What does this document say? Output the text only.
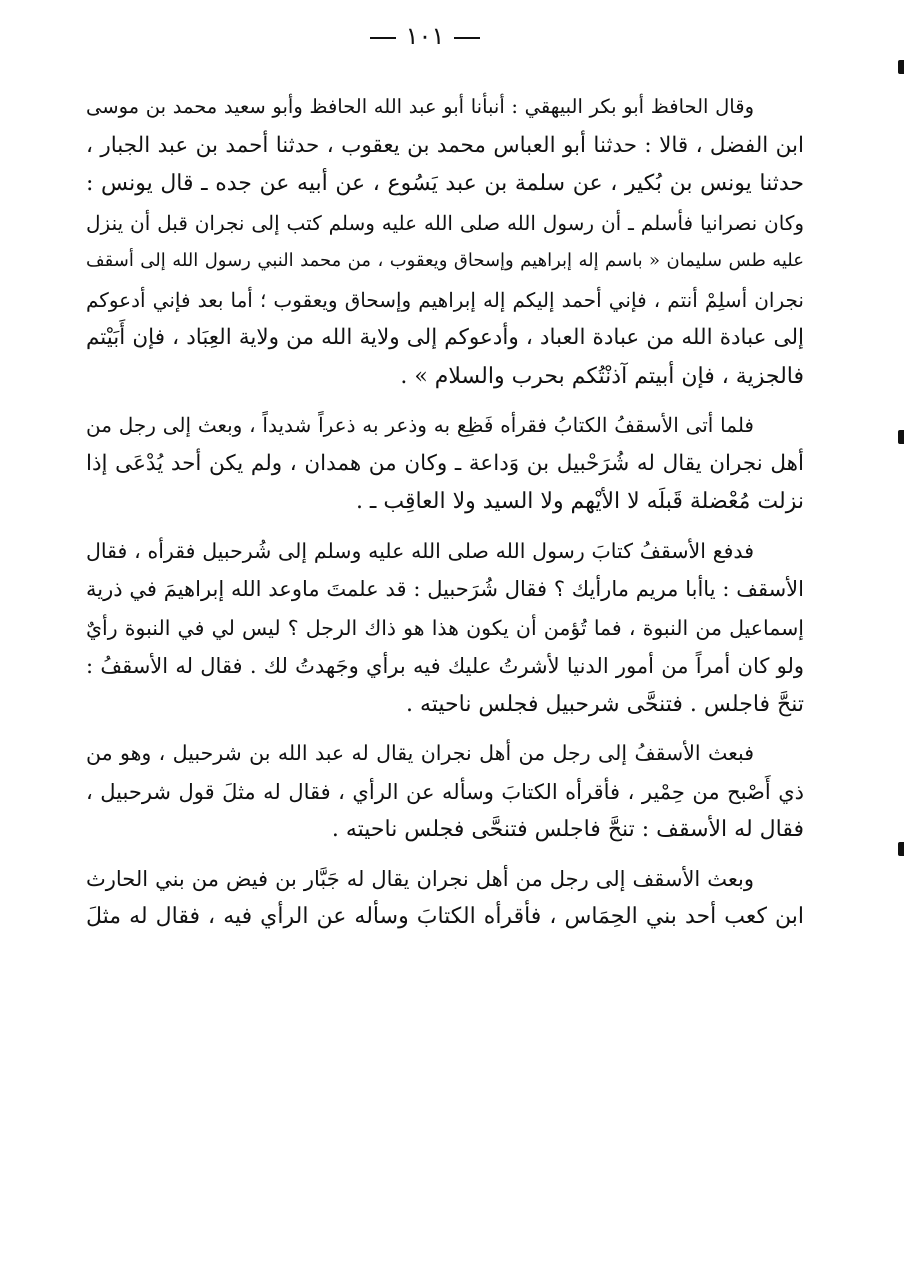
١٠١
وقال الحافظ أبو بكر البيهقي : أنبأنا أبو عبد الله الحافظ وأبو سعيد محمد بن موسى
ابن الفضل ، قالا : حدثنا أبو العباس محمد بن يعقوب ، حدثنا أحمد بن عبد الجبار ،
حدثنا يونس بن بُكير ، عن سلمة بن عبد يَسُوع ، عن أبيه عن جده ـ قال يونس :
وكان نصرانيا فأسلم ـ أن رسول الله صلى الله عليه وسلم كتب إلى نجران قبل أن ينزل
عليه طس سليمان « باسم إله إبراهيم وإسحاق ويعقوب ، من محمد النبي رسول الله إلى أسقف
نجران أسلِمْ أنتم ، فإني أحمد إليكم إله إبراهيم وإسحاق ويعقوب ؛ أما بعد فإني أدعوكم
إلى عبادة الله من عبادة العباد ، وأدعوكم إلى ولاية الله من ولاية العِبَاد ، فإن أَبَيْتم
فالجزية ، فإن أبيتم آذنْتُكم بحرب والسلام » .
فلما أتى الأسقفُ الكتابُ فقرأه فَظِع به وذعر به ذعراً شديداً ، وبعث إلى رجل من
أهل نجران يقال له شُرَحْبيل بن وَداعة ـ وكان من همدان ، ولم يكن أحد يُدْعَى إذا
نزلت مُعْضلة قَبلَه لا الأيْهم ولا السيد ولا العاقِب ـ .
فدفع الأسقفُ كتابَ رسول الله صلى الله عليه وسلم إلى شُرحبيل فقرأه ، فقال
الأسقف : ياأبا مريم مارأيك ؟ فقال شُرَحبيل : قد علمتَ ماوعد الله إبراهيمَ في ذرية
إسماعيل من النبوة ، فما تُؤمن أن يكون هذا هو ذاك الرجل ؟ ليس لي في النبوة رأيٌ
ولو كان أمراً من أمور الدنيا لأشرتُ عليك فيه برأي وجَهدتُ لك . فقال له الأسقفُ :
تنحَّ فاجلس . فتنحَّى شرحبيل فجلس ناحيته .
فبعث الأسقفُ إلى رجل من أهل نجران يقال له عبد الله بن شرحبيل ، وهو من
ذي أَصْبح من حِمْير ، فأقرأه الكتابَ وسأله عن الرأي ، فقال له مثلَ قول شرحبيل ،
فقال له الأسقف : تنحَّ فاجلس فتنحَّى فجلس ناحيته .
وبعث الأسقف إلى رجل من أهل نجران يقال له جَبَّار بن فيض من بني الحارث
ابن كعب أحد بني الحِمَاس ، فأقرأه الكتابَ وسأله عن الرأي فيه ، فقال له مثلَ
